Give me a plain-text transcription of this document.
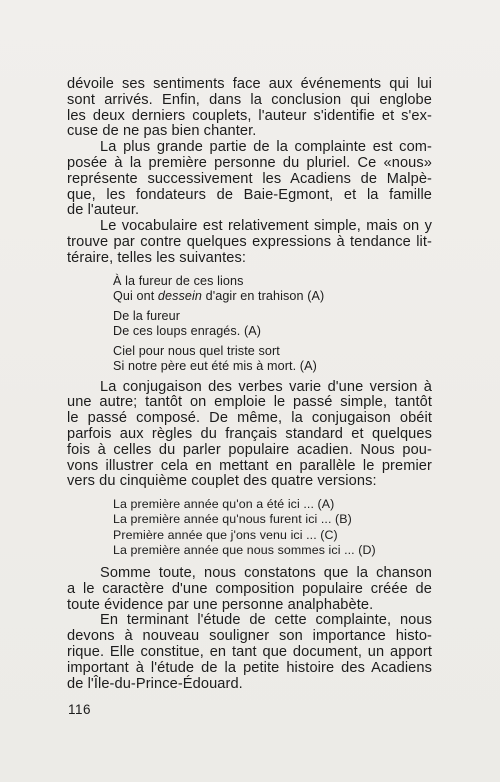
dévoile ses sentiments face aux événements qui lui
sont arrivés. Enfin, dans la conclusion qui englobe
les deux derniers couplets, l'auteur s'identifie et s'ex-
cuse de ne pas bien chanter.

La plus grande partie de la complainte est com-
posée à la première personne du pluriel. Ce «nous»
représente successivement les Acadiens de Malpè-
que, les fondateurs de Baie-Egmont, et la famille
de l'auteur.

Le vocabulaire est relativement simple, mais on y
trouve par contre quelques expressions à tendance lit-
téraire, telles les suivantes:

À la fureur de ces lions
Qui ont dessein d'agir en trahison (A)
De la fureur
De ces loups enragés. (A)
Ciel pour nous quel triste sort
Si notre père eut été mis à mort. (A)

La conjugaison des verbes varie d'une version à
une autre; tantôt on emploie le passé simple, tantôt
le passé composé. De même, la conjugaison obéit
parfois aux règles du français standard et quelques
fois à celles du parler populaire acadien. Nous pou-
vons illustrer cela en mettant en parallèle le premier
vers du cinquième couplet des quatre versions:

La première année qu'on a été ici ... (A)
La première année qu'nous furent ici ... (B)
Première année que j'ons venu ici ... (C)
La première année que nous sommes ici ... (D)

Somme toute, nous constatons que la chanson
a le caractère d'une composition populaire créée de
toute évidence par une personne analphabète.

En terminant l'étude de cette complainte, nous
devons à nouveau souligner son importance histo-
rique. Elle constitue, en tant que document, un apport
important à l'étude de la petite histoire des Acadiens
de l'Île-du-Prince-Édouard.

116
